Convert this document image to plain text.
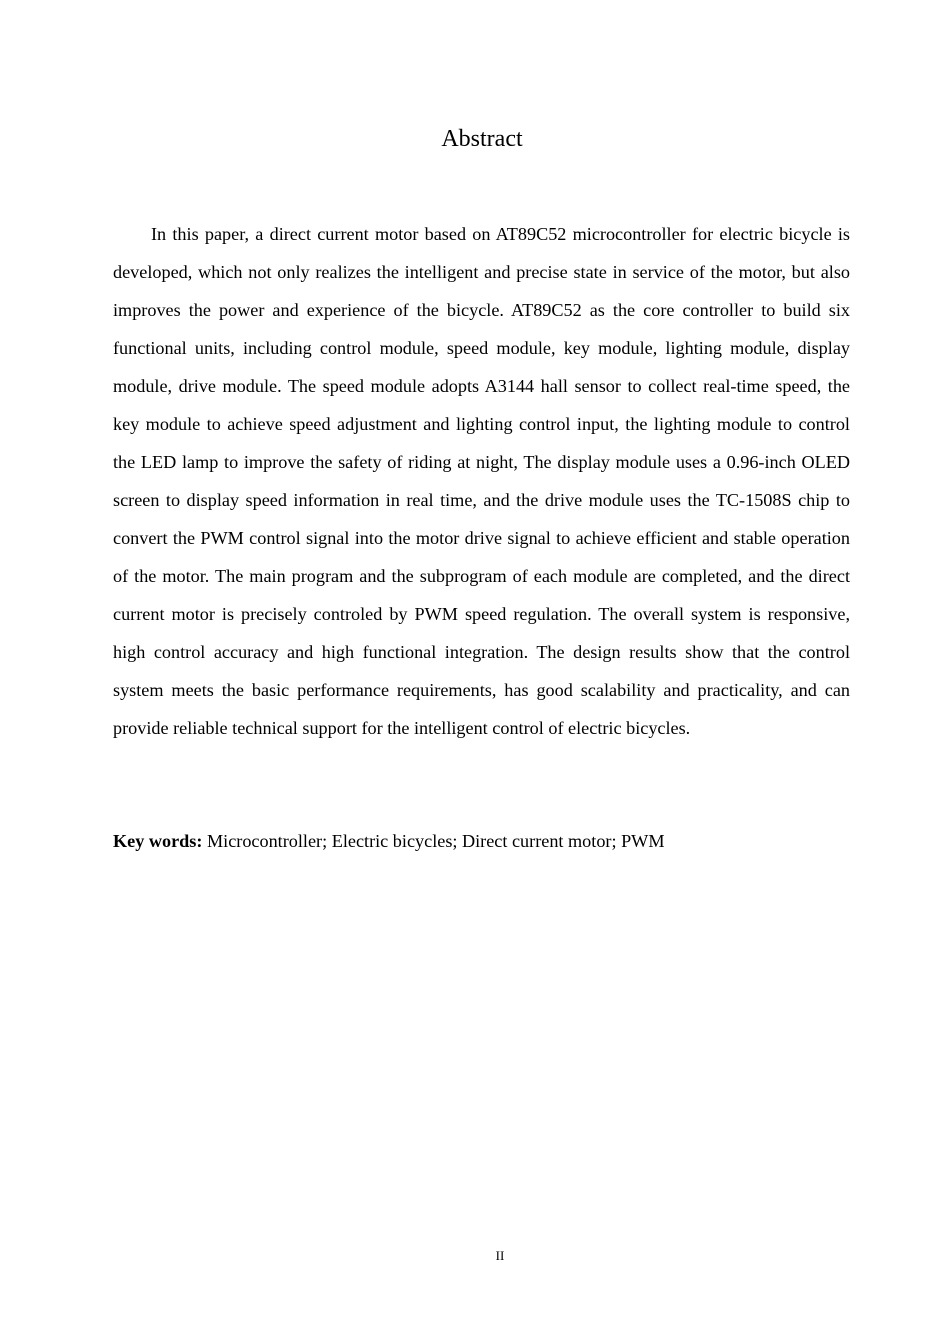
Abstract

In this paper, a direct current motor based on AT89C52 microcontroller for electric bicycle is developed, which not only realizes the intelligent and precise state in service of the motor, but also improves the power and experience of the bicycle. AT89C52 as the core controller to build six functional units, including control module, speed module, key module, lighting module, display module, drive module. The speed module adopts A3144 hall sensor to collect real-time speed, the key module to achieve speed adjustment and lighting control input, the lighting module to control the LED lamp to improve the safety of riding at night, The display module uses a 0.96-inch OLED screen to display speed information in real time, and the drive module uses the TC-1508S chip to convert the PWM control signal into the motor drive signal to achieve efficient and stable operation of the motor. The main program and the subprogram of each module are completed, and the direct current motor is precisely controled by PWM speed regulation. The overall system is responsive, high control accuracy and high functional integration. The design results show that the control system meets the basic performance requirements, has good scalability and practicality, and can provide reliable technical support for the intelligent control of electric bicycles.

Key words: Microcontroller; Electric bicycles; Direct current motor; PWM

II
